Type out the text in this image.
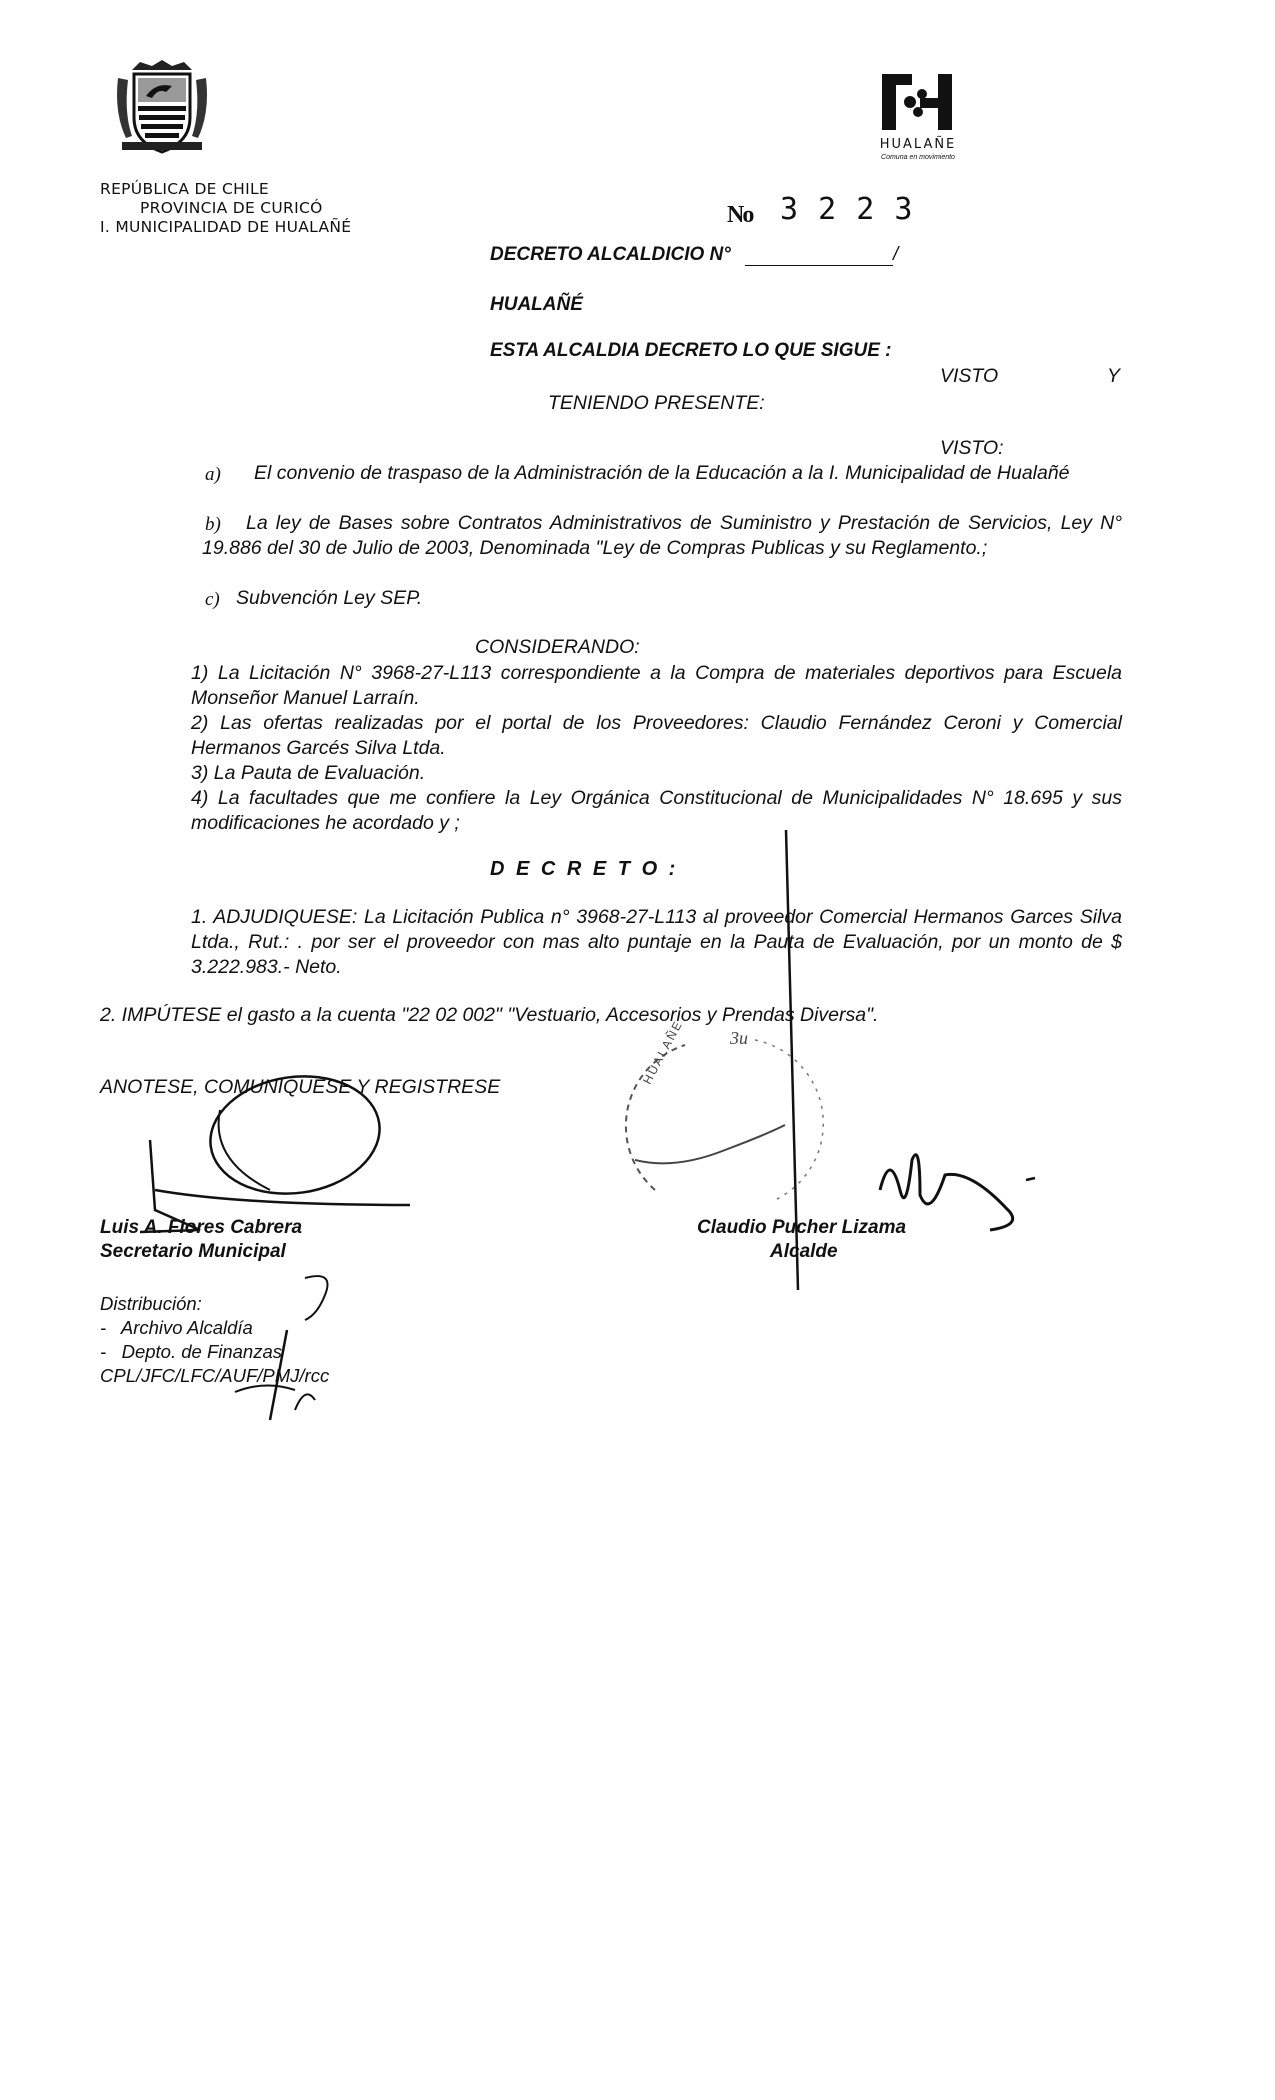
HUALAÑE
Comuna en movimiento
REPÚBLICA DE CHILE
PROVINCIA DE CURICÓ
I. MUNICIPALIDAD DE HUALAÑÉ	No 3 2 2 3
DECRETO ALCALDICIO N°	/
HUALAÑÉ
ESTA ALCALDIA DECRETO LO QUE SIGUE :
VISTO	Y
TENIENDO PRESENTE:
VISTO:
a)	El convenio de traspaso de la Administración de la Educación a la I. Municipalidad de Hualañé
b)	La ley de Bases sobre Contratos Administrativos de Suministro y Prestación de Servicios, Ley N° 19.886 del 30 de Julio de 2003, Denominada "Ley de Compras Publicas y su Reglamento.;
c) Subvención Ley SEP.
CONSIDERANDO:
1) La Licitación N° 3968-27-L113 correspondiente a la Compra de materiales deportivos para Escuela Monseñor Manuel Larraín.
2) Las ofertas realizadas por el portal de los Proveedores: Claudio Fernández Ceroni y Comercial Hermanos Garcés Silva Ltda.
3) La Pauta de Evaluación.
4) La facultades que me confiere la Ley Orgánica Constitucional de Municipalidades N° 18.695 y sus modificaciones he acordado y ;
D E C R E T O :
1. ADJUDIQUESE: La Licitación Publica n° 3968-27-L113 al proveedor Comercial Hermanos Garces Silva Ltda., Rut.: . por ser el proveedor con mas alto puntaje en la Pauta de Evaluación, por un monto de $ 3.222.983.- Neto.
2. IMPÚTESE el gasto a la cuenta "22 02 002" "Vestuario, Accesorios y Prendas Diversa".
ANOTESE, COMUNIQUESE Y REGISTRESE
HUALAÑE 3u
Luis A. Flores Cabrera
Secretario Municipal
Claudio Pucher Lizama
Alcalde
Distribución:
-   Archivo Alcaldía
-   Depto. de Finanzas
CPL/JFC/LFC/AUF/PMJ/rcc
